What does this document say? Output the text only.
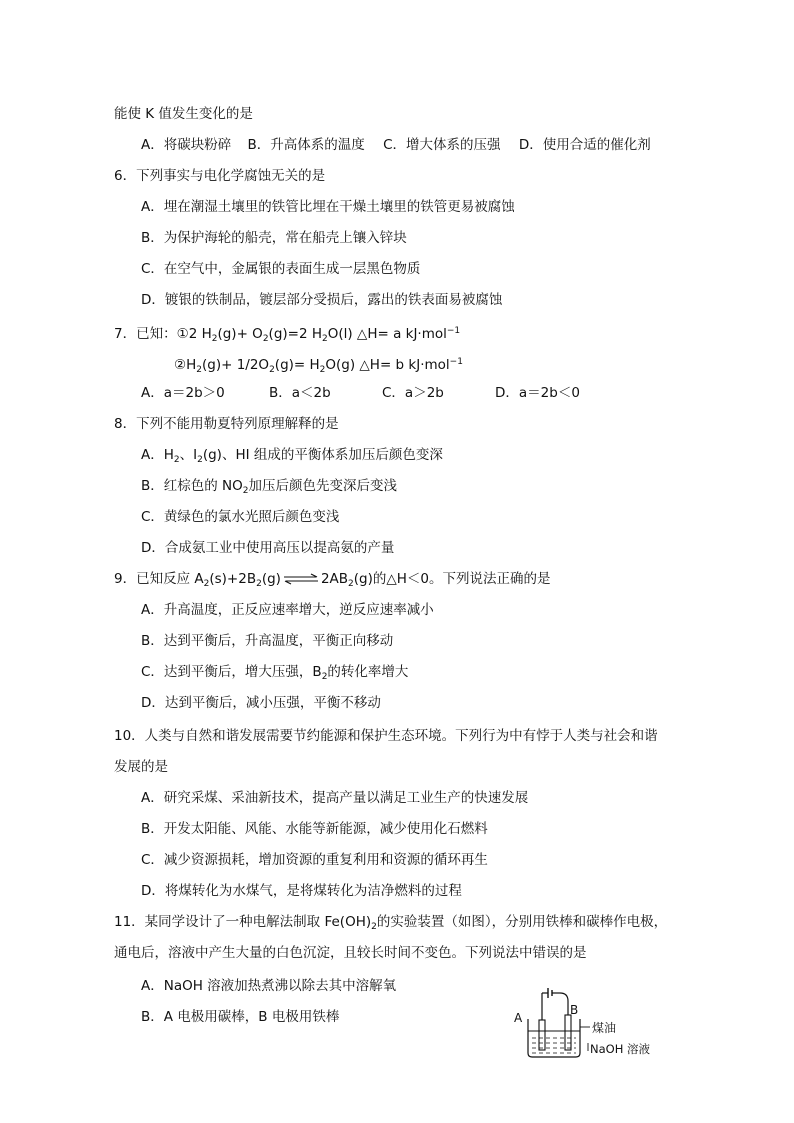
能使 K 值发生变化的是
A．将碳块粉碎 B．升高体系的温度 C．增大体系的压强 D．使用合适的催化剂
6．下列事实与电化学腐蚀无关的是
A．埋在潮湿土壤里的铁管比埋在干燥土壤里的铁管更易被腐蚀
B．为保护海轮的船壳，常在船壳上镶入锌块
C．在空气中，金属银的表面生成一层黑色物质
D．镀银的铁制品，镀层部分受损后，露出的铁表面易被腐蚀
7．已知：①2 $H_2(g)+ O_2(g)=2$ $H_2O(l)$ △H= a kJ·mol$^{-1}$
$②H_2(g)+ 1/2O_2(g)= H_2O(g)$ △H= b kJ·mol$^{-1}$
A．a＝2b＞0	B．a＜2b	C．a＞2b	D．a＝2b＜0
8．下列不能用勒夏特列原理解释的是
A．$H_2$、$I_2(g)$、HI 组成的平衡体系加压后颜色变深
B．红棕色的 $NO_2$加压后颜色先变深后变浅
C．黄绿色的氯水光照后颜色变浅
D．合成氨工业中使用高压以提高氨的产量
9．已知反应 $A_2(s)+2B_2(g)\rightleftharpoons 2AB_2(g)$的△H＜0。下列说法正确的是
A．升高温度，正反应速率增大，逆反应速率减小
B．达到平衡后，升高温度，平衡正向移动
C．达到平衡后，增大压强，$B_2$的转化率增大
D．达到平衡后，减小压强，平衡不移动
10．人类与自然和谐发展需要节约能源和保护生态环境。下列行为中有悖于人类与社会和谐
发展的是
A．研究采煤、采油新技术，提高产量以满足工业生产的快速发展
B．开发太阳能、风能、水能等新能源，减少使用化石燃料
C．减少资源损耗，增加资源的重复利用和资源的循环再生
D．将煤转化为水煤气，是将煤转化为洁净燃料的过程
11．某同学设计了一种电解法制取 $Fe(OH)_2$的实验装置（如图），分别用铁棒和碳棒作电极，
通电后，溶液中产生大量的白色沉淀，且较长时间不变色。下列说法中错误的是
A．NaOH 溶液加热煮沸以除去其中溶解氧
B．A 电极用碳棒，B 电极用铁棒	A
B
煤油
NaOH 溶液
